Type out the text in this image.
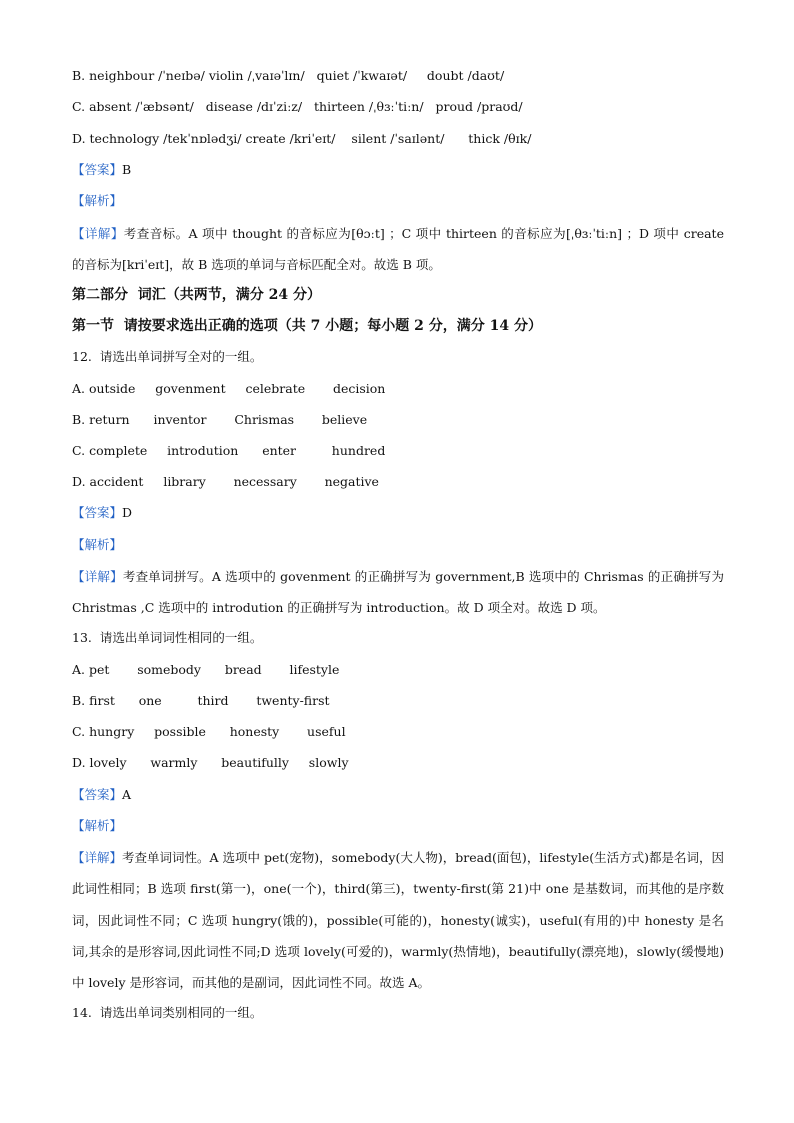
B. neighbour /ˈneɪbə/ violin /ˌvaɪəˈlɪn/   quiet /ˈkwaɪət/     doubt /daʊt/
C. absent /ˈæbsənt/   disease /dɪˈziːz/   thirteen /ˌθɜːˈtiːn/   proud /praʊd/
D. technology /tekˈnɒlədʒi/ create /kriˈeɪt/    silent /ˈsaɪlənt/      thick /θɪk/
【答案】B
【解析】
【详解】考查音标。A 项中 thought 的音标应为[θɔːt] ；C 项中 thirteen 的音标应为[ˌθɜːˈtiːn] ；D 项中 create 的音标为[kriˈeɪt]，故 B 选项的单词与音标匹配全对。故选 B 项。
第二部分  词汇（共两节，满分 24 分）
第一节  请按要求选出正确的选项（共 7 小题；每小题 2 分，满分 14 分）
12.  请选出单词拼写全对的一组。
A. outside     govenment     celebrate       decision
B. return      inventor       Chrismas       believe
C. complete     introdution      enter         hundred
D. accident     library       necessary       negative
【答案】D
【解析】
【详解】考查单词拼写。A 选项中的 govenment 的正确拼写为 government,B 选项中的 Chrismas 的正确拼写为 Christmas ,C 选项中的 introdution 的正确拼写为 introduction。故 D 项全对。故选 D 项。
13.  请选出单词词性相同的一组。
A. pet       somebody      bread       lifestyle
B. first      one         third       twenty-first
C. hungry     possible      honesty       useful
D. lovely      warmly      beautifully     slowly
【答案】A
【解析】
【详解】考查单词词性。A 选项中 pet(宠物)，somebody(大人物)，bread(面包)，lifestyle(生活方式)都是名词，因此词性相同；B 选项 first(第一)，one(一个)，third(第三)，twenty-first(第 21)中 one 是基数词，而其他的是序数词，因此词性不同；C 选项 hungry(饿的)，possible(可能的)，honesty(诚实)，useful(有用的)中 honesty 是名词,其余的是形容词,因此词性不同;D 选项 lovely(可爱的)，warmly(热情地)，beautifully(漂亮地)，slowly(缓慢地)中 lovely 是形容词，而其他的是副词，因此词性不同。故选 A。
14.  请选出单词类别相同的一组。
